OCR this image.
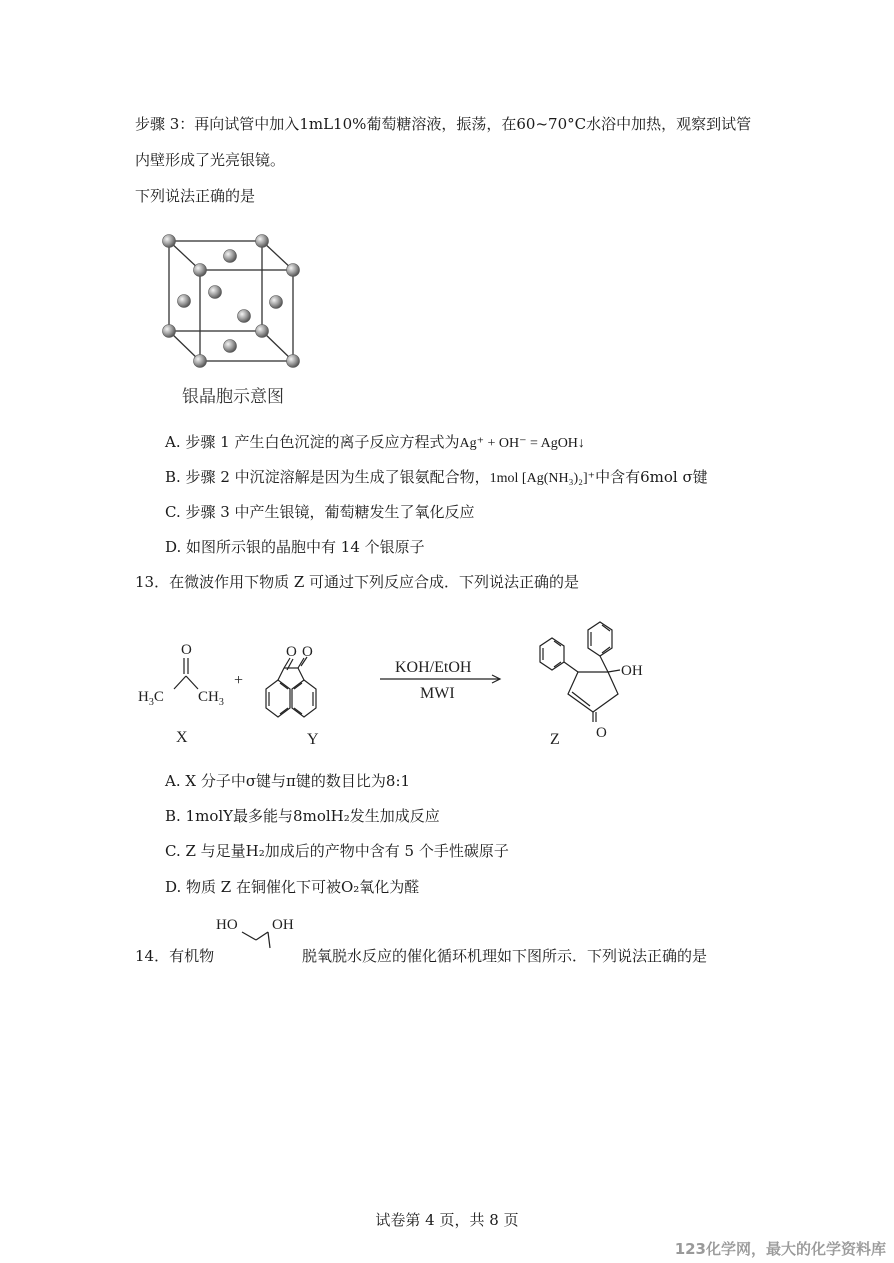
步骤 3：再向试管中加入1mL10%葡萄糖溶液，振荡，在60~70°C水浴中加热，观察到试管
内壁形成了光亮银镜。
下列说法正确的是
银晶胞示意图
A. 步骤 1 产生白色沉淀的离子反应方程式为Ag⁺ + OH⁻ = AgOH↓
B. 步骤 2 中沉淀溶解是因为生成了银氨配合物，1mol [Ag(NH₃)₂]⁺中含有6mol σ键
C. 步骤 3 中产生银镜，葡萄糖发生了氧化反应
D. 如图所示银的晶胞中有 14 个银原子
13．在微波作用下物质 Z 可通过下列反应合成．下列说法正确的是
O
$H_3C$ $CH_3$
+
O O
KOH/EtOH
MWI
OH
O
X	Y	Z
A. X 分子中σ键与π键的数目比为8:1
B. 1molY最多能与8molH₂发生加成反应
C. Z 与足量H₂加成后的产物中含有 5 个手性碳原子
D. 物质 Z 在铜催化下可被O₂氧化为醛
14．有机物
HO OH
脱氧脱水反应的催化循环机理如下图所示．下列说法正确的是
试卷第 4 页，共 8 页
123化学网，最大的化学资料库
